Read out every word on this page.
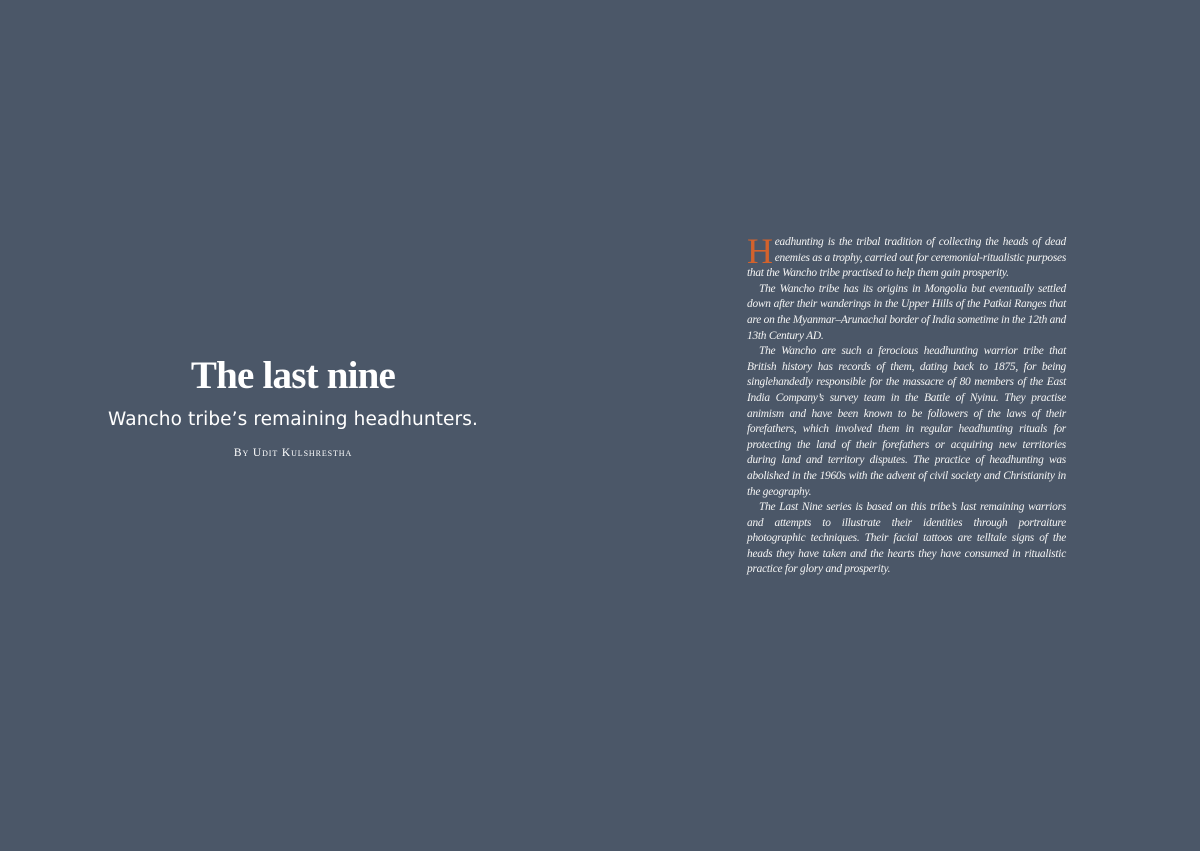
The last nine
Wancho tribe’s remaining headhunters.
By Udit Kulshrestha

Headhunting is the tribal tradition of collecting the heads of dead enemies as a trophy, carried out for ceremonial-ritualistic purposes that the Wancho tribe practised to help them gain prosperity.

The Wancho tribe has its origins in Mongolia but eventually settled down after their wanderings in the Upper Hills of the Patkai Ranges that are on the Myanmar–Arunachal border of India sometime in the 12th and 13th Century AD.

The Wancho are such a ferocious headhunting warrior tribe that British history has records of them, dating back to 1875, for being singlehandedly responsible for the massacre of 80 members of the East India Company’s survey team in the Battle of Nyinu. They practise animism and have been known to be followers of the laws of their forefathers, which involved them in regular headhunting rituals for protecting the land of their forefathers or acquiring new territories during land and territory disputes. The practice of headhunting was abolished in the 1960s with the advent of civil society and Christianity in the geography.

The Last Nine series is based on this tribe’s last remaining warriors and attempts to illustrate their identities through portraiture photographic techniques. Their facial tattoos are telltale signs of the heads they have taken and the hearts they have consumed in ritualistic practice for glory and prosperity.
